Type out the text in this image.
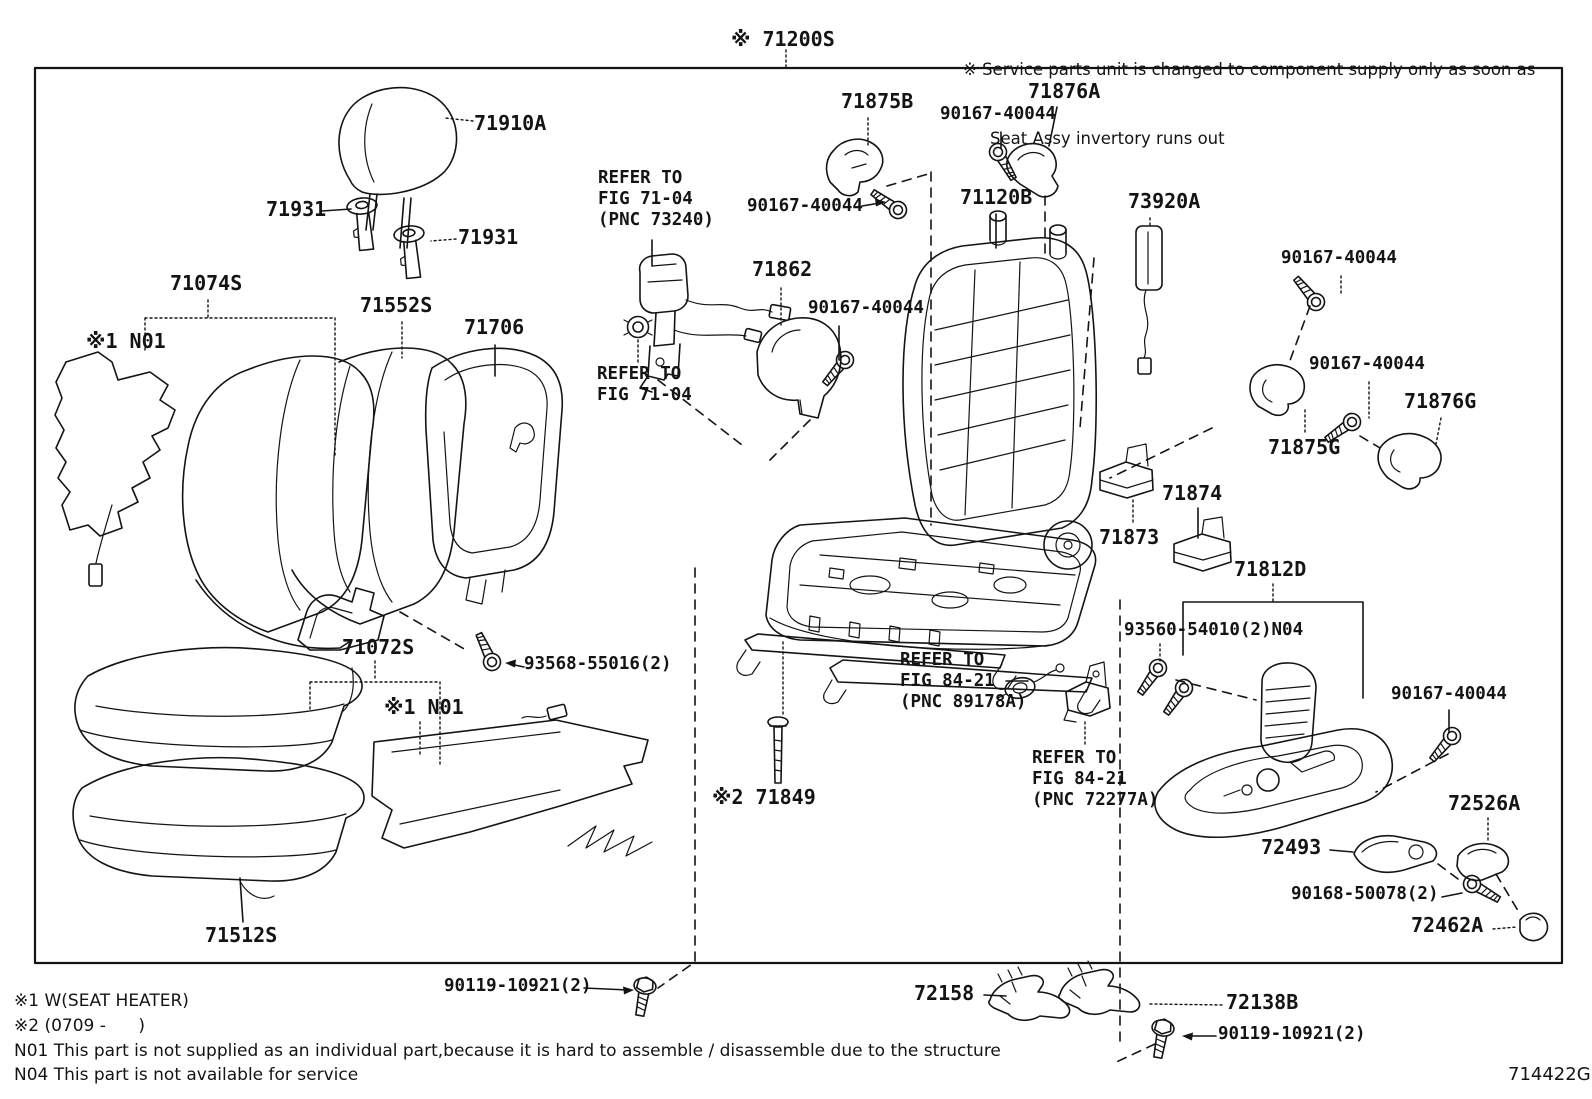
※ Service parts unit is changed to component supply only as soon as

Seat Assy invertory runs out

※ 71200S
71910A
71931
71931
71074S
※1 N01
71552S
71706
REFER TO
FIG 71-04
(PNC 73240)
90167-40044
71875B
90167-40044
71876A
71120B	73920A
90167-40044
71862
90167-40044
REFER TO
FIG 71-04
90167-40044
71876G
71875G
71874
71873
71812D
93560-54010(2)N04
71072S
93568-55016(2)
※1 N01
71512S
90119-10921(2)
※2 71849
REFER TO
FIG 84-21
(PNC 89178A)
REFER TO
FIG 84-21
(PNC 72277A)
90167-40044
72526A
72493
90168-50078(2)
72462A
72158	72138B
90119-10921(2)
※1 W(SEAT HEATER)
※2 (0709 -      )
N01 This part is not supplied as an individual part,because it is hard to assemble / disassemble due to the structure
N04 This part is not available for service	714422G
